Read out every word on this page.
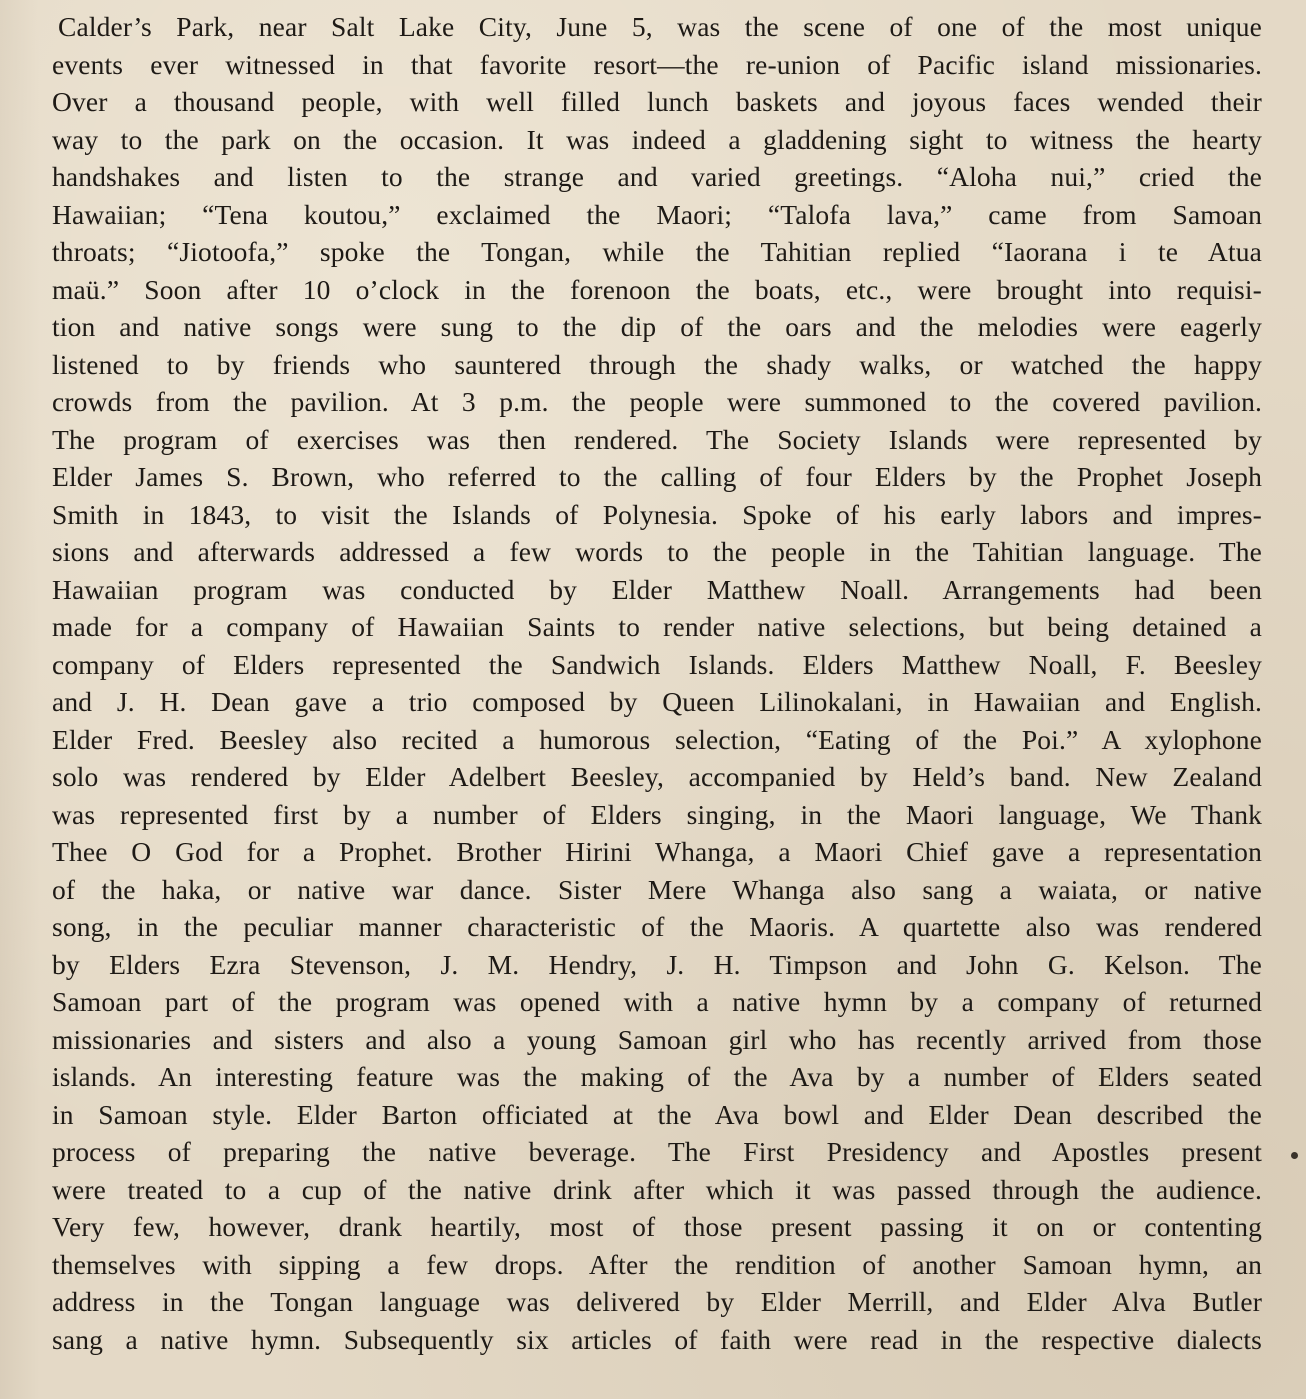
Calder’s Park, near Salt Lake City, June 5, was the scene of one of the most unique
events ever witnessed in that favorite resort—the re-union of Pacific island missionaries.
Over a thousand people, with well filled lunch baskets and joyous faces wended their
way to the park on the occasion. It was indeed a gladdening sight to witness the hearty
handshakes and listen to the strange and varied greetings. “Aloha nui,” cried the
Hawaiian; “Tena koutou,” exclaimed the Maori; “Talofa lava,” came from Samoan
throats; “Jiotoofa,” spoke the Tongan, while the Tahitian replied “Iaorana i te Atua
maü.” Soon after 10 o’clock in the forenoon the boats, etc., were brought into requisi-
tion and native songs were sung to the dip of the oars and the melodies were eagerly
listened to by friends who sauntered through the shady walks, or watched the happy
crowds from the pavilion. At 3 p.m. the people were summoned to the covered pavilion.
The program of exercises was then rendered. The Society Islands were represented by
Elder James S. Brown, who referred to the calling of four Elders by the Prophet Joseph
Smith in 1843, to visit the Islands of Polynesia. Spoke of his early labors and impres-
sions and afterwards addressed a few words to the people in the Tahitian language. The
Hawaiian program was conducted by Elder Matthew Noall. Arrangements had been
made for a company of Hawaiian Saints to render native selections, but being detained a
company of Elders represented the Sandwich Islands. Elders Matthew Noall, F. Beesley
and J. H. Dean gave a trio composed by Queen Lilinokalani, in Hawaiian and English.
Elder Fred. Beesley also recited a humorous selection, “Eating of the Poi.” A xylophone
solo was rendered by Elder Adelbert Beesley, accompanied by Held’s band. New Zealand
was represented first by a number of Elders singing, in the Maori language, We Thank
Thee O God for a Prophet. Brother Hirini Whanga, a Maori Chief gave a representation
of the haka, or native war dance. Sister Mere Whanga also sang a waiata, or native
song, in the peculiar manner characteristic of the Maoris. A quartette also was rendered
by Elders Ezra Stevenson, J. M. Hendry, J. H. Timpson and John G. Kelson. The
Samoan part of the program was opened with a native hymn by a company of returned
missionaries and sisters and also a young Samoan girl who has recently arrived from those
islands. An interesting feature was the making of the Ava by a number of Elders seated
in Samoan style. Elder Barton officiated at the Ava bowl and Elder Dean described the
process of preparing the native beverage. The First Presidency and Apostles present
were treated to a cup of the native drink after which it was passed through the audience.
Very few, however, drank heartily, most of those present passing it on or contenting
themselves with sipping a few drops. After the rendition of another Samoan hymn, an
address in the Tongan language was delivered by Elder Merrill, and Elder Alva Butler
sang a native hymn. Subsequently six articles of faith were read in the respective dialects
